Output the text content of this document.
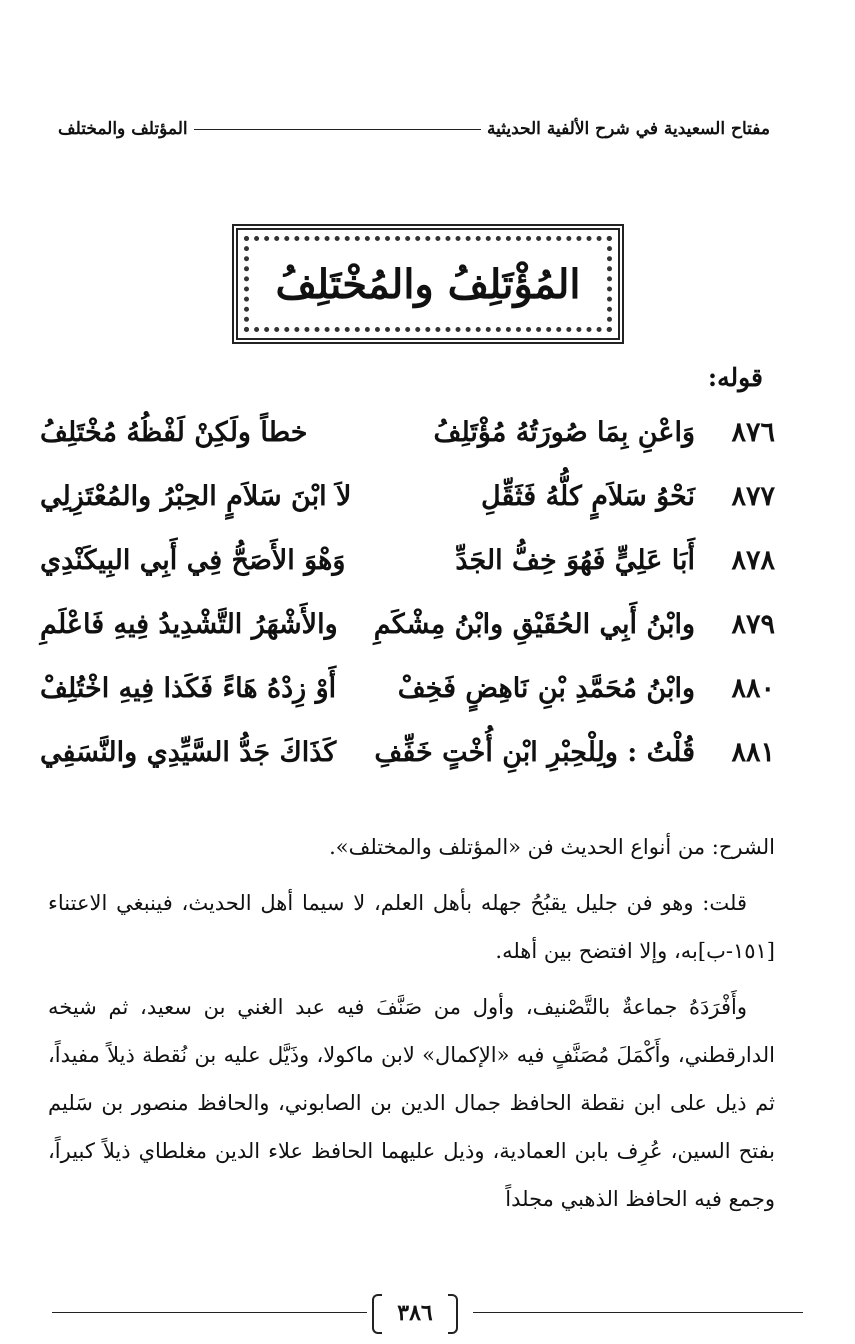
مفتاح السعيدية في شرح الألفية الحديثية
المؤتلف والمختلف
المُؤْتَلِفُ والمُخْتَلِفُ
قوله:
٨٧٦
وَاعْنِ بِمَا صُورَتُهُ مُؤْتَلِفُ
خطاً ولَكِنْ لَفْظُهُ مُخْتَلِفُ
٨٧٧
نَحْوُ سَلاَمٍ كلُّهُ فَثَقِّلِ
لاَ ابْنَ سَلاَمٍ الحِبْرُ والمُعْتَزِلِي
٨٧٨
أَبَا عَلِيٍّ فَهُوَ خِفُّ الجَدِّ
وَهْوَ الأَصَحُّ فِي أَبِي البِيكَنْدِي
٨٧٩
وابْنُ أَبِي الحُقَيْقِ وابْنُ مِشْكَمِ
والأَشْهَرُ التَّشْدِيدُ فِيهِ فَاعْلَمِ
٨٨٠
وابْنُ مُحَمَّدِ بْنِ نَاهِضٍ فَخِفْ
أَوْ زِدْهُ هَاءً فَكَذا فِيهِ اخْتُلِفْ
٨٨١
قُلْتُ : ولِلْحِبْرِ ابْنِ أُخْتٍ خَفِّفِ
كَذَاكَ جَدُّ السَّيِّدِي والنَّسَفِي

الشرح: من أنواع الحديث فن «المؤتلف والمختلف».

قلت: وهو فن جليل يقبُحُ جهله بأهل العلم، لا سيما أهل الحديث، فينبغي الاعتناء [١٥١-ب]به، وإلا افتضح بين أهله.

وأَفْرَدَهُ جماعةٌ بالتَّصْنيف، وأول من صَنَّفَ فيه عبد الغني بن سعيد، ثم شيخه الدارقطني، وأَكْمَلَ مُصَنَّفٍ فيه «الإكمال» لابن ماكولا، وذَيَّل عليه بن نُقطة ذيلاً مفيداً، ثم ذيل على ابن نقطة الحافظ جمال الدين بن الصابوني، والحافظ منصور بن سَليم بفتح السين، عُرِف بابن العمادية، وذيل عليهما الحافظ علاء الدين مغلطاي ذيلاً كبيراً، وجمع فيه الحافظ الذهبي مجلداً

٣٨٦
